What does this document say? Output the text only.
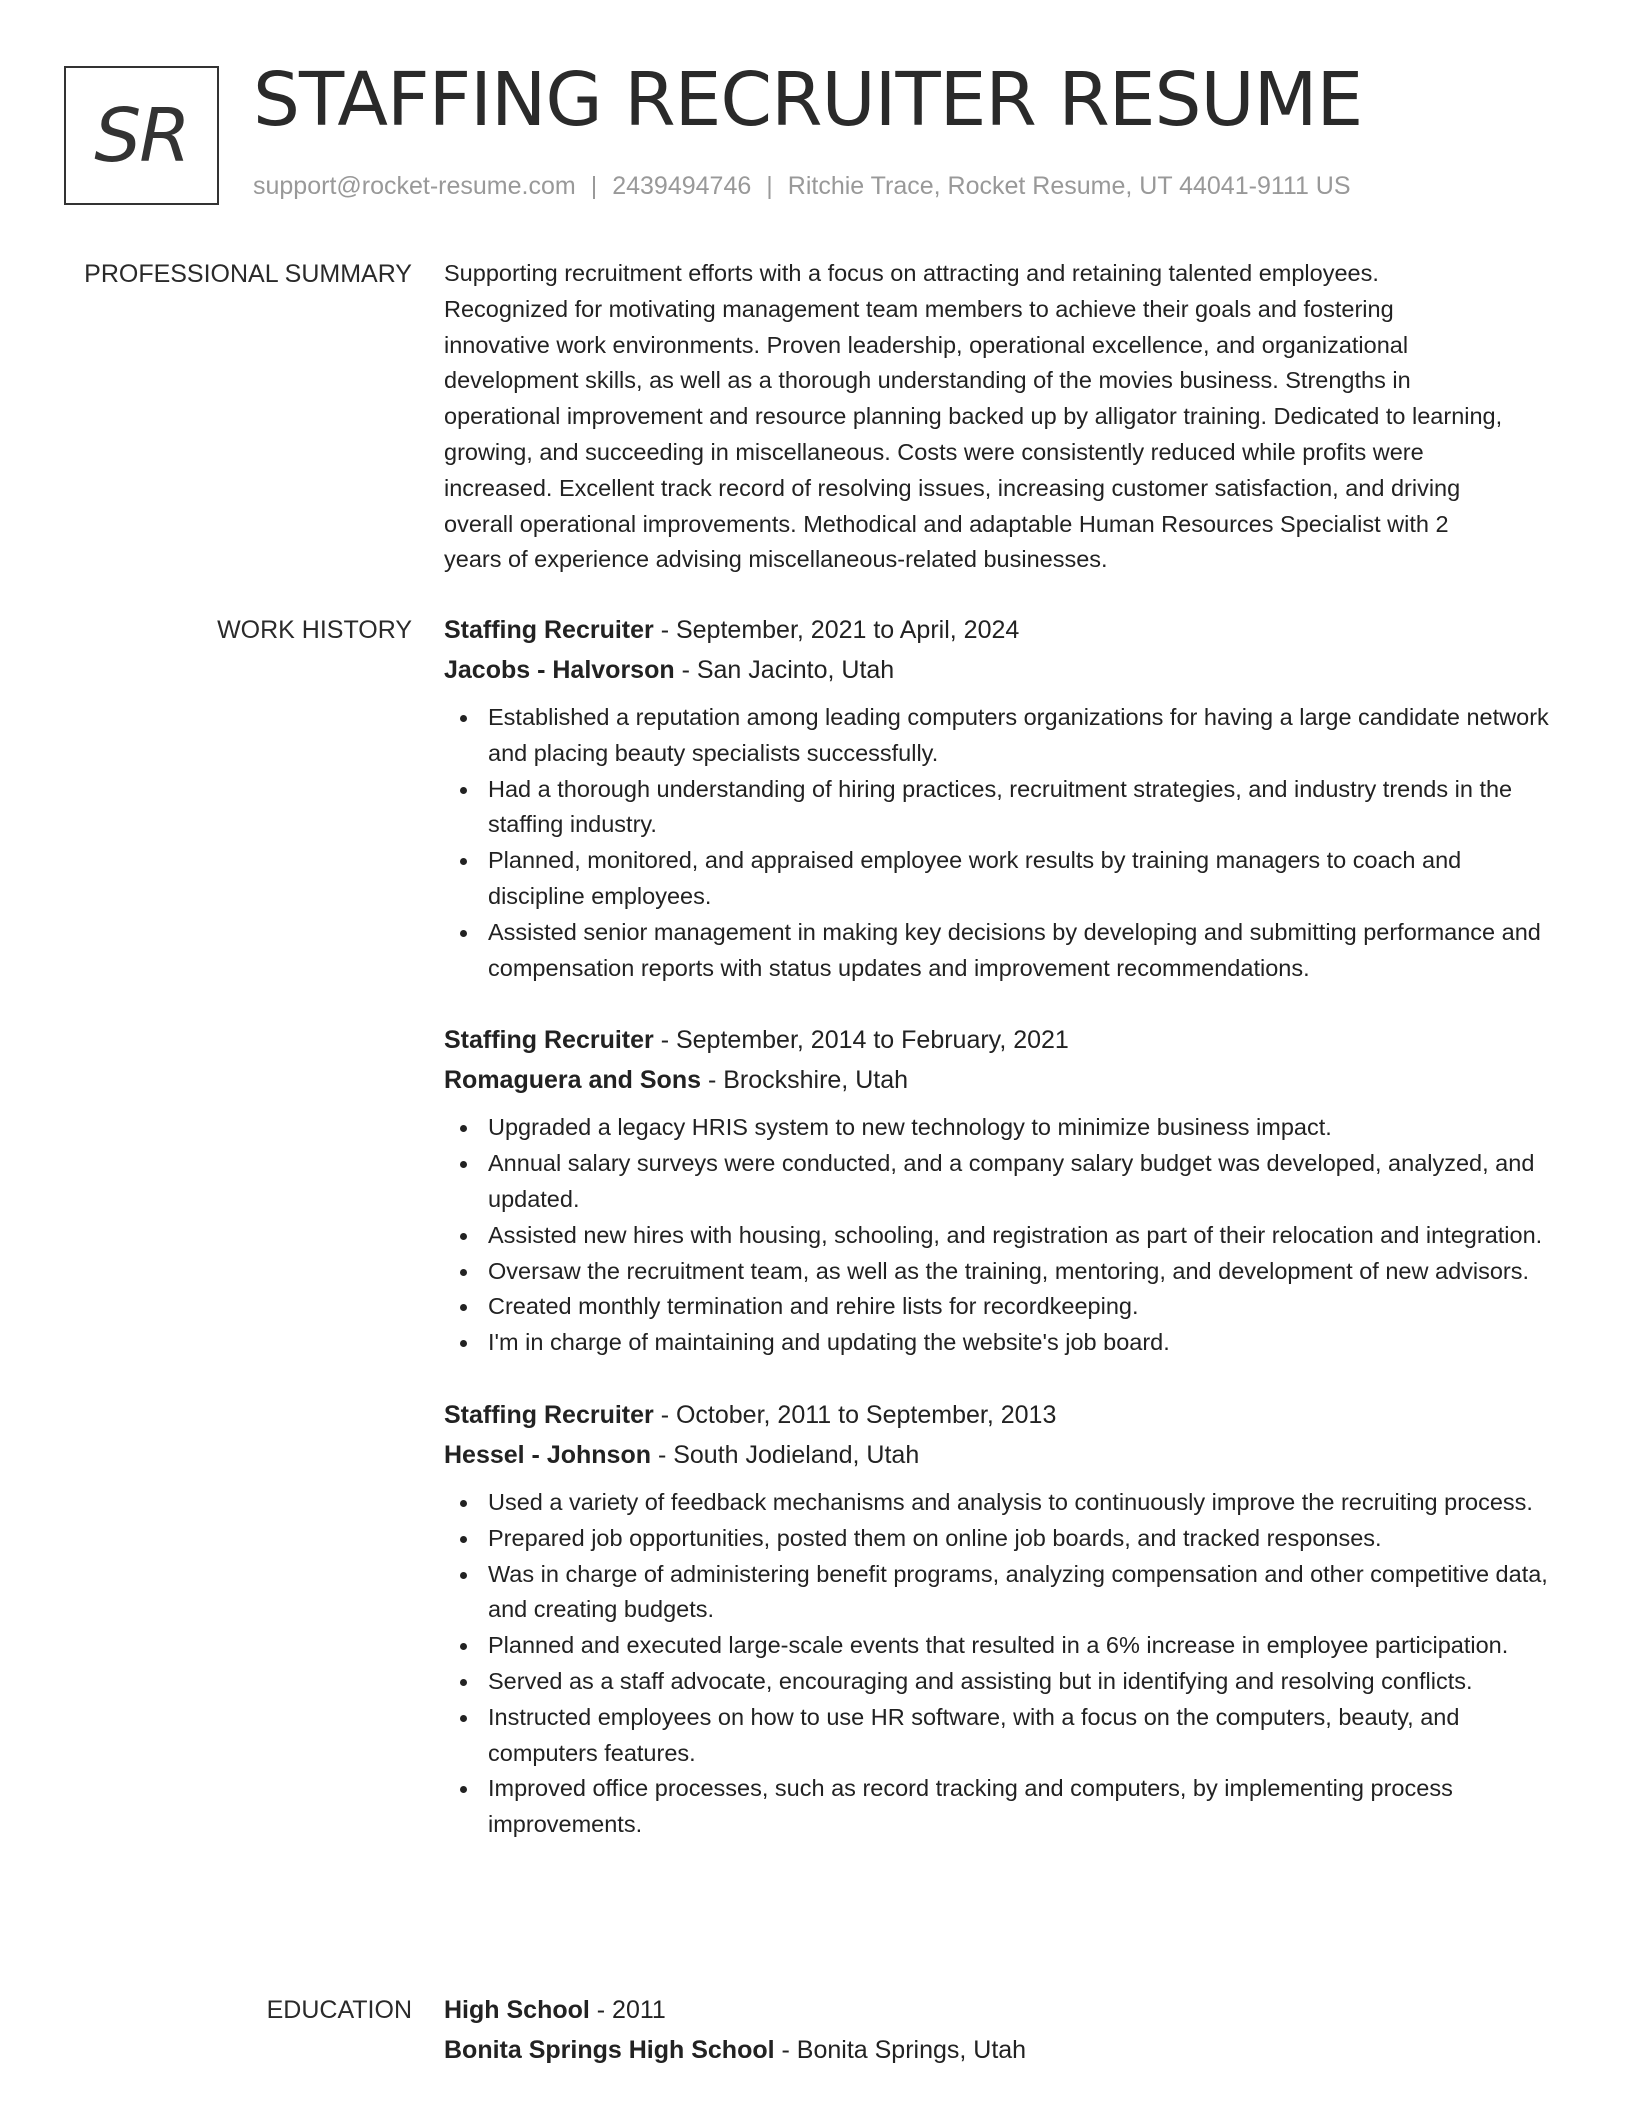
SR STAFFING RECRUITER RESUME
support@rocket-resume.com | 2439494746 | Ritchie Trace, Rocket Resume, UT 44041-9111 US
PROFESSIONAL SUMMARY Supporting recruitment efforts with a focus on attracting and retaining talented employees.
Recognized for motivating management team members to achieve their goals and fostering
innovative work environments. Proven leadership, operational excellence, and organizational
development skills, as well as a thorough understanding of the movies business. Strengths in
operational improvement and resource planning backed up by alligator training. Dedicated to learning,
growing, and succeeding in miscellaneous. Costs were consistently reduced while profits were
increased. Excellent track record of resolving issues, increasing customer satisfaction, and driving
overall operational improvements. Methodical and adaptable Human Resources Specialist with 2
years of experience advising miscellaneous-related businesses.

WORK HISTORY Staffing Recruiter - September, 2021 to April, 2024
Jacobs - Halvorson - San Jacinto, Utah
Established a reputation among leading computers organizations for having a large candidate network and placing beauty specialists successfully.
Had a thorough understanding of hiring practices, recruitment strategies, and industry trends in the staffing industry.
Planned, monitored, and appraised employee work results by training managers to coach and discipline employees.
Assisted senior management in making key decisions by developing and submitting performance and compensation reports with status updates and improvement recommendations.
Staffing Recruiter - September, 2014 to February, 2021
Romaguera and Sons - Brockshire, Utah
Upgraded a legacy HRIS system to new technology to minimize business impact.
Annual salary surveys were conducted, and a company salary budget was developed, analyzed, and updated.
Assisted new hires with housing, schooling, and registration as part of their relocation and integration.
Oversaw the recruitment team, as well as the training, mentoring, and development of new advisors.
Created monthly termination and rehire lists for recordkeeping.
I'm in charge of maintaining and updating the website's job board.
Staffing Recruiter - October, 2011 to September, 2013
Hessel - Johnson - South Jodieland, Utah
Used a variety of feedback mechanisms and analysis to continuously improve the recruiting process.
Prepared job opportunities, posted them on online job boards, and tracked responses.
Was in charge of administering benefit programs, analyzing compensation and other competitive data, and creating budgets.
Planned and executed large-scale events that resulted in a 6% increase in employee participation.
Served as a staff advocate, encouraging and assisting but in identifying and resolving conflicts.
Instructed employees on how to use HR software, with a focus on the computers, beauty, and computers features.
Improved office processes, such as record tracking and computers, by implementing process improvements.
EDUCATION High School - 2011
Bonita Springs High School - Bonita Springs, Utah
